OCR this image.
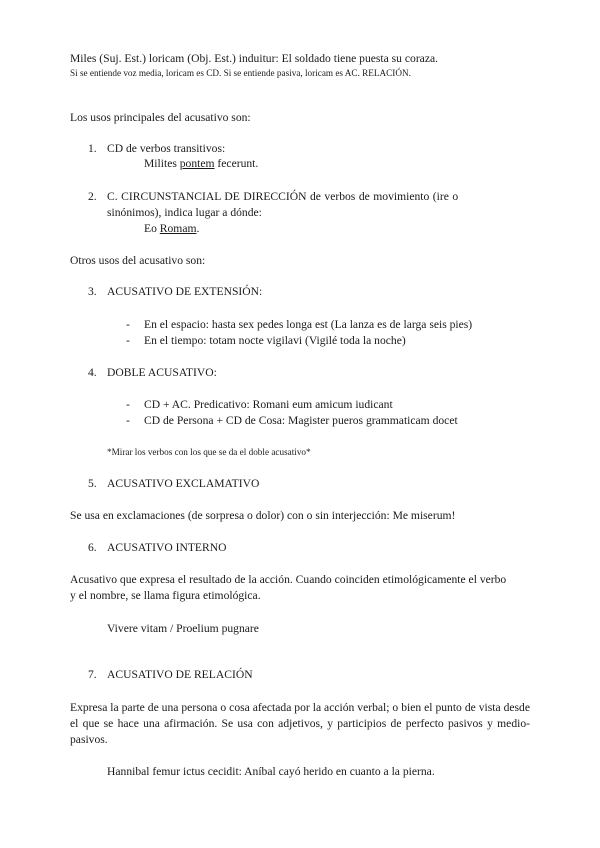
Miles (Suj. Est.) loricam (Obj. Est.) induitur: El soldado tiene puesta su coraza.
Si se entiende voz media, loricam es CD. Si se entiende pasiva, loricam es AC. RELACIÓN.
Los usos principales del acusativo son:
1. CD de verbos transitivos:
Milites pontem fecerunt.
2. C. CIRCUNSTANCIAL DE DIRECCIÓN de verbos de movimiento (ire o
sinónimos), indica lugar a dónde:
Eo Romam.
Otros usos del acusativo son:
3. ACUSATIVO DE EXTENSIÓN:
- En el espacio: hasta sex pedes longa est (La lanza es de larga seis pies)
- En el tiempo: totam nocte vigilavi (Vigilé toda la noche)
4. DOBLE ACUSATIVO:
- CD + AC. Predicativo: Romani eum amicum iudicant
- CD de Persona + CD de Cosa: Magister pueros grammaticam docet
*Mirar los verbos con los que se da el doble acusativo*
5. ACUSATIVO EXCLAMATIVO
Se usa en exclamaciones (de sorpresa o dolor) con o sin interjección: Me miserum!
6. ACUSATIVO INTERNO
Acusativo que expresa el resultado de la acción. Cuando coinciden etimológicamente el verbo
y el nombre, se llama figura etimológica.
Vivere vitam / Proelium pugnare
7. ACUSATIVO DE RELACIÓN
Expresa la parte de una persona o cosa afectada por la acción verbal; o bien el punto de vista desde el que se hace una afirmación. Se usa con adjetivos, y participios de perfecto pasivos y medio-pasivos.
Hannibal femur ictus cecidit: Aníbal cayó herido en cuanto a la pierna.
